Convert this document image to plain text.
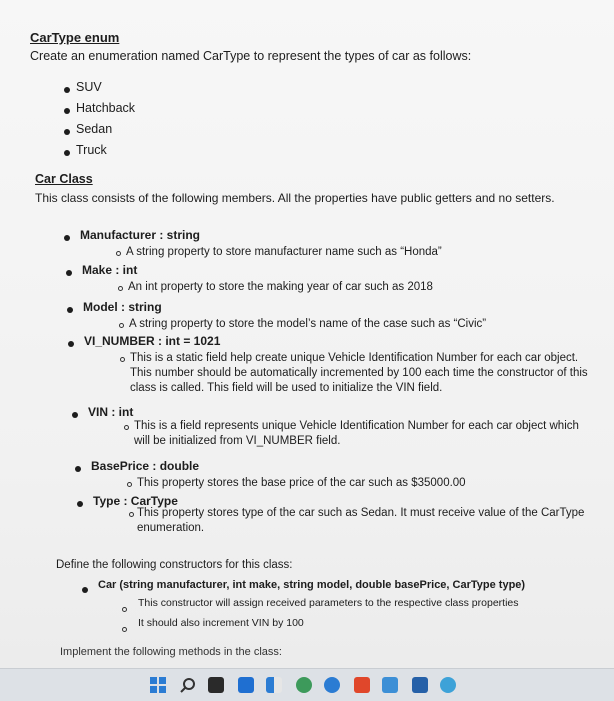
CarType enum
Create an enumeration named CarType to represent the types of car as follows:
SUV
Hatchback
Sedan
Truck
Car Class
This class consists of the following members. All the properties have public getters and no setters.
Manufacturer : string
A string property to store manufacturer name such as “Honda”
Make : int
An int property to store the making year of car such as 2018
Model : string
A string property to store the model’s name of the case such as “Civic”
VI_NUMBER : int = 1021
This is a static field help create unique Vehicle Identification Number for each car object. This number should be automatically incremented by 100 each time the constructor of this class is called. This field will be used to initialize the VIN field.
VIN : int
This is a field represents unique Vehicle Identification Number for each car object which will be initialized from VI_NUMBER field.
BasePrice : double
This property stores the base price of the car such as $35000.00
Type : CarType
This property stores type of the car such as Sedan. It must receive value of the CarType enumeration.
Define the following constructors for this class:
Car (string manufacturer, int make, string model, double basePrice, CarType type)
This constructor will assign received parameters to the respective class properties
It should also increment VIN by 100
Implement the following methods in the class:
